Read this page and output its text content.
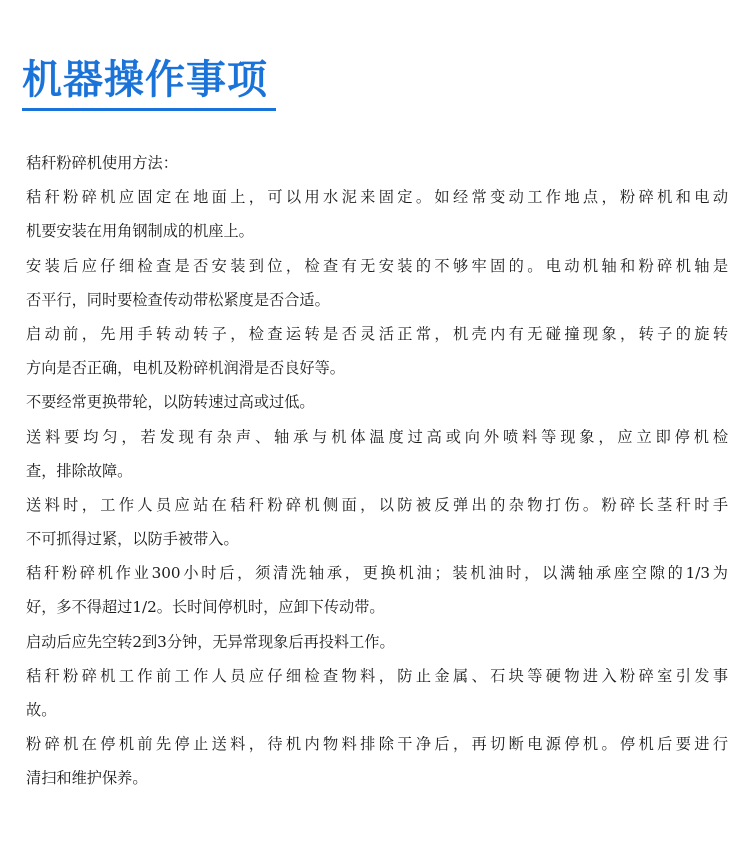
机器操作事项
秸秆粉碎机使用方法：
秸秆粉碎机应固定在地面上，可以用水泥来固定。如经常变动工作地点，粉碎机和电动
机要安装在用角钢制成的机座上。
安装后应仔细检查是否安装到位，检查有无安装的不够牢固的。电动机轴和粉碎机轴是
否平行，同时要检查传动带松紧度是否合适。
启动前，先用手转动转子，检查运转是否灵活正常，机壳内有无碰撞现象，转子的旋转
方向是否正确，电机及粉碎机润滑是否良好等。
不要经常更换带轮，以防转速过高或过低。
送料要均匀，若发现有杂声、轴承与机体温度过高或向外喷料等现象，应立即停机检
查，排除故障。
送料时，工作人员应站在秸秆粉碎机侧面，以防被反弹出的杂物打伤。粉碎长茎秆时手
不可抓得过紧，以防手被带入。
秸秆粉碎机作业300小时后，须清洗轴承，更换机油；装机油时，以满轴承座空隙的1/3为
好，多不得超过1/2。长时间停机时，应卸下传动带。
启动后应先空转2到3分钟，无异常现象后再投料工作。
秸秆粉碎机工作前工作人员应仔细检查物料，防止金属、石块等硬物进入粉碎室引发事
故。
粉碎机在停机前先停止送料，待机内物料排除干净后，再切断电源停机。停机后要进行
清扫和维护保养。
